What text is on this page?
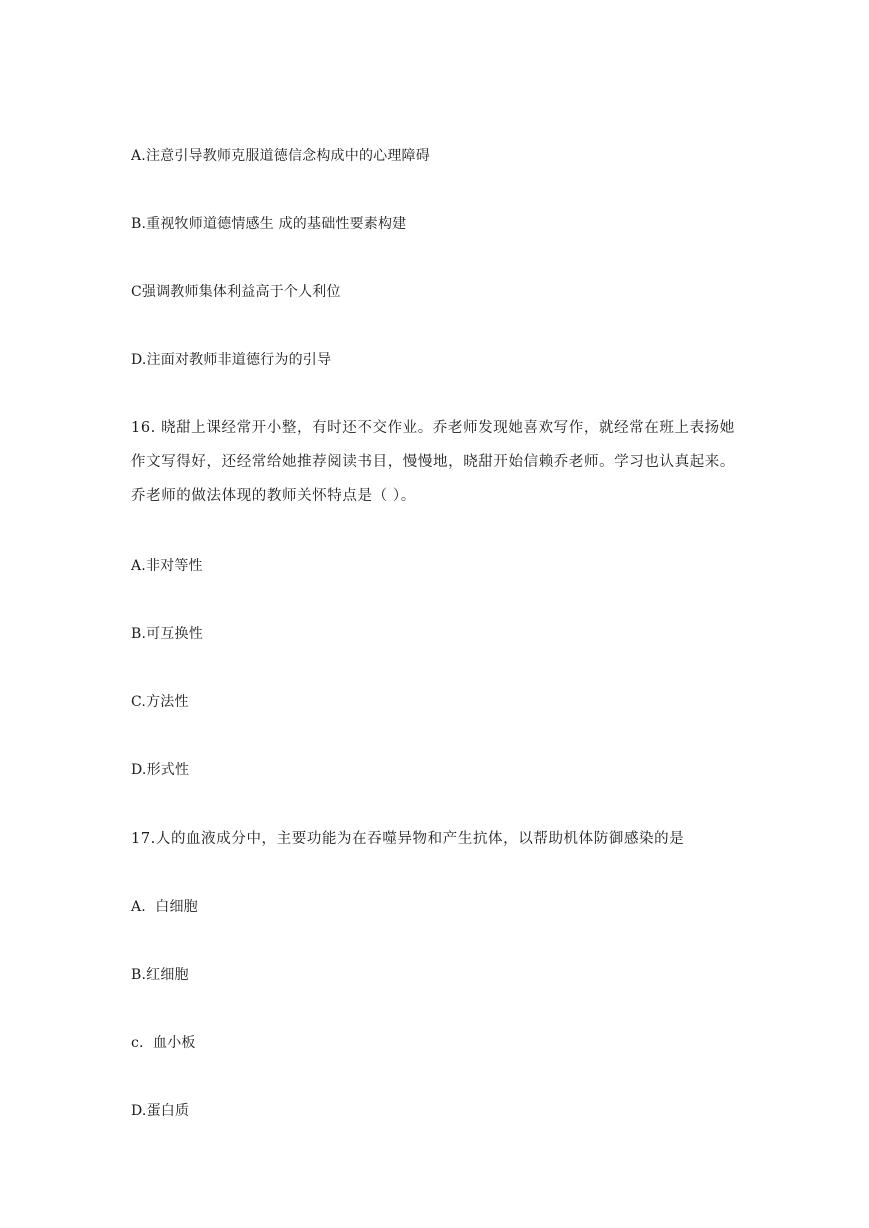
A.注意引导教师克服道德信念构成中的心理障碍
B.重视牧师道德情感生 成的基础性要素构建
C强调教师集体利益高于个人利位
D.注面对教师非道德行为的引导
16. 晓甜上课经常开小整，有时还不交作业。乔老师发现她喜欢写作，就经常在班上表扬她
作文写得好，还经常给她推荐阅读书目，慢慢地，晓甜开始信赖乔老师。学习也认真起来。
乔老师的做法体现的教师关怀特点是（ ）。
A.非对等性
B.可互换性
C.方法性
D.形式性
17.人的血液成分中，主要功能为在吞噬异物和产生抗体，以帮助机体防御感染的是
A.  白细胞
B.红细胞
c.  血小板
D.蛋白质
